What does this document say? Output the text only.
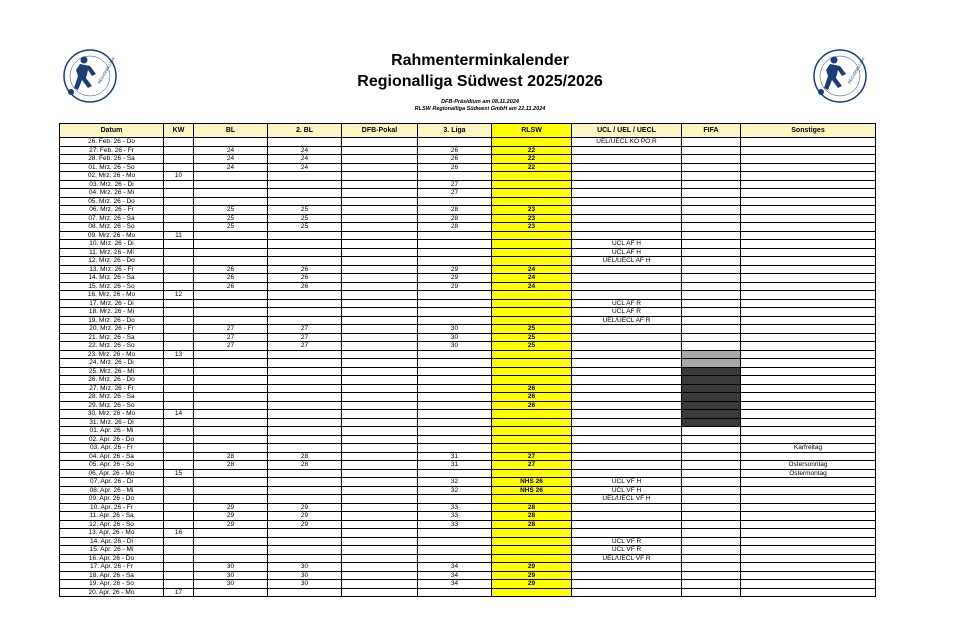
REGIONALLIGA	REGIONALLIGA
Rahmenterminkalender
Regionalliga Südwest 2025/2026
DFB-Präsidium am 08.11.2024
RLSW Regionalliga Südwest GmbH am 22.11.2024
Datum	KW	BL	2. BL	DFB-Pokal	3. Liga	RLSW	UCL / UEL / UECL	FIFA	Sonstiges
26. Feb. 26 - Do							UEL/UECL KO PO R		
27. Feb. 26 - Fr		24	24		26	22			
28. Feb. 26 - Sa		24	24		26	22			
01. Mrz. 26 - So		24	24		26	22			
02. Mrz. 26 - Mo	10								
03. Mrz. 26 - Di					27				
04. Mrz. 26 - Mi					27				
05. Mrz. 26 - Do									
06. Mrz. 26 - Fr		25	25		28	23			
07. Mrz. 26 - Sa		25	25		28	23			
08. Mrz. 26 - So		25	25		28	23			
09. Mrz. 26 - Mo	11								
10. Mrz. 26 - Di							UCL AF H		
11. Mrz. 26 - Mi							UCL AF H		
12. Mrz. 26 - Do							UEL/UECL AF H		
13. Mrz. 26 - Fr		26	26		29	24			
14. Mrz. 26 - Sa		26	26		29	24			
15. Mrz. 26 - So		26	26		29	24			
16. Mrz. 26 - Mo	12								
17. Mrz. 26 - Di							UCL AF R		
18. Mrz. 26 - Mi							UCL AF R		
19. Mrz. 26 - Do							UEL/UECL AF R		
20. Mrz. 26 - Fr		27	27		30	25			
21. Mrz. 26 - Sa		27	27		30	25			
22. Mrz. 26 - So		27	27		30	25			
23. Mrz. 26 - Mo	13								
24. Mrz. 26 - Di									
25. Mrz. 26 - Mi									
26. Mrz. 26 - Do									
27. Mrz. 26 - Fr						26			
28. Mrz. 26 - Sa						26			
29. Mrz. 26 - So						26			
30. Mrz. 26 - Mo	14								
31. Mrz. 26 - Di									
01. Apr. 26 - Mi									
02. Apr. 26 - Do									
03. Apr. 26 - Fr									Karfreitag
04. Apr. 26 - Sa		28	28		31	27			
05. Apr. 26 - So		28	28		31	27			Ostersonntag
06. Apr. 26 - Mo	15								Ostermontag
07. Apr. 26 - Di					32	NHS 26	UCL VF H		
08. Apr. 26 - Mi					32	NHS 26	UCL VF H		
09. Apr. 26 - Do							UEL/UECL VF H		
10. Apr. 26 - Fr		29	29		33	28			
11. Apr. 26 - Sa		29	29		33	28			
12. Apr. 26 - So		29	29		33	28			
13. Apr. 26 - Mo	16								
14. Apr. 26 - Di							UCL VF R		
15. Apr. 26 - Mi							UCL VF R		
16. Apr. 26 - Do							UEL/UECL VF R		
17. Apr. 26 - Fr		30	30		34	29			
18. Apr. 26 - Sa		30	30		34	29			
19. Apr. 26 - So		30	30		34	29			
20. Apr. 26 - Mo	17								
